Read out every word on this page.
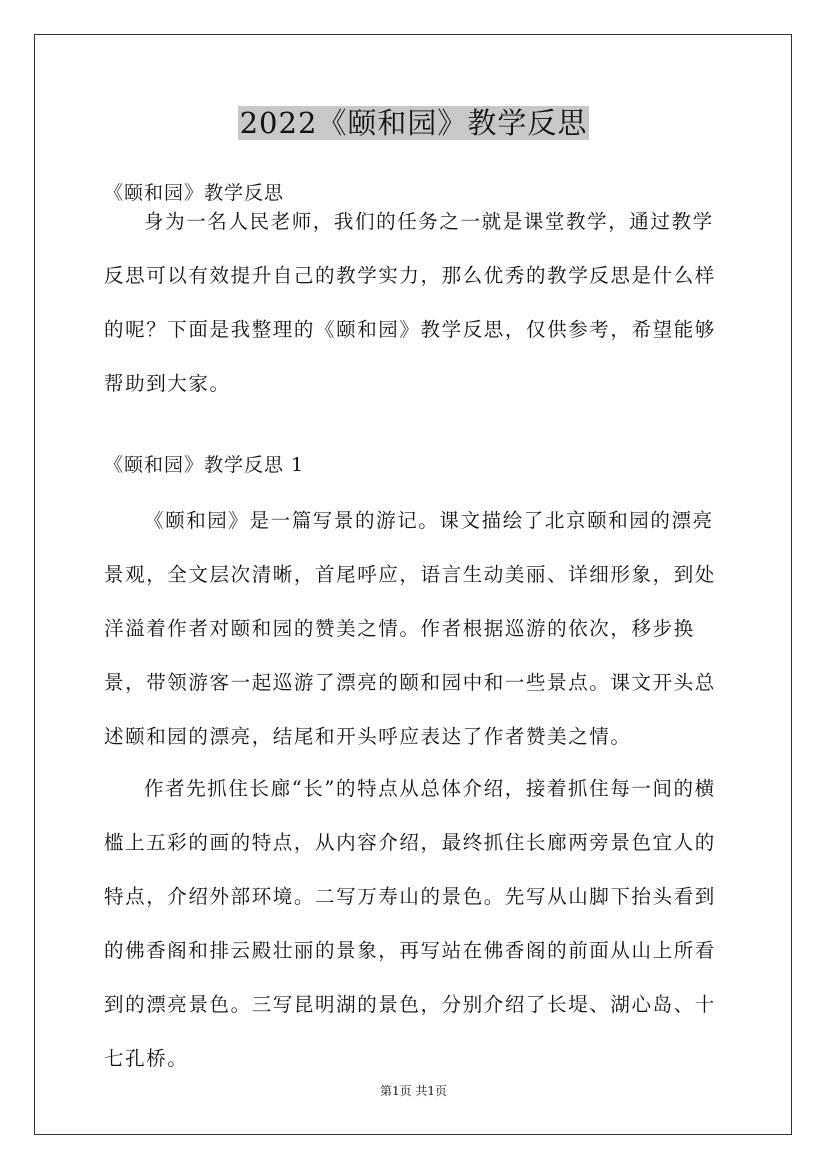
2022《颐和园》教学反思

《颐和园》教学反思

身为一名人民老师，我们的任务之一就是课堂教学，通过教学反思可以有效提升自己的教学实力，那么优秀的教学反思是什么样的呢？下面是我整理的《颐和园》教学反思，仅供参考，希望能够帮助到大家。

《颐和园》教学反思 1

《颐和园》是一篇写景的游记。课文描绘了北京颐和园的漂亮景观，全文层次清晰，首尾呼应，语言生动美丽、详细形象，到处洋溢着作者对颐和园的赞美之情。作者根据巡游的依次，移步换景，带领游客一起巡游了漂亮的颐和园中和一些景点。课文开头总述颐和园的漂亮，结尾和开头呼应表达了作者赞美之情。

作者先抓住长廊“长”的特点从总体介绍，接着抓住每一间的横槛上五彩的画的特点，从内容介绍，最终抓住长廊两旁景色宜人的特点，介绍外部环境。二写万寿山的景色。先写从山脚下抬头看到的佛香阁和排云殿壮丽的景象，再写站在佛香阁的前面从山上所看到的漂亮景色。三写昆明湖的景色，分别介绍了长堤、湖心岛、十七孔桥。

第1页 共1页
